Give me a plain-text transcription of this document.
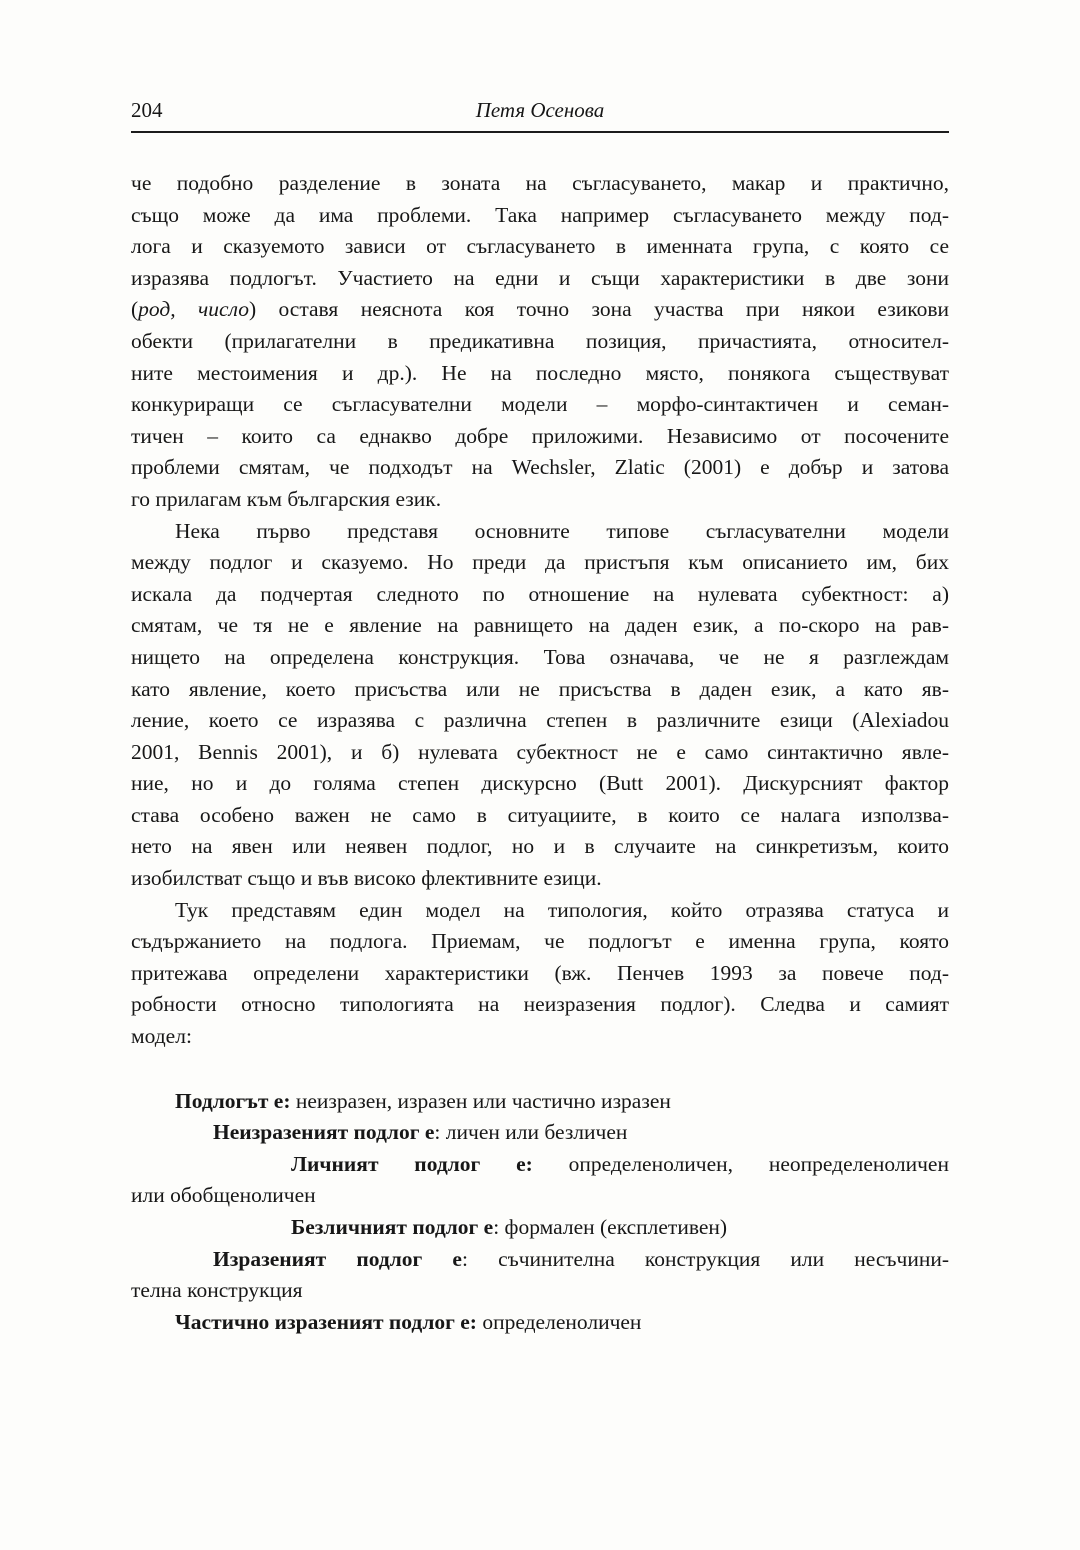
204	Петя Осенова
че подобно разделение в зоната на съгласуването, макар и практично,
също може да има проблеми. Така например съгласуването между под-
лога и сказуемото зависи от съгласуването в именната група, с която се
изразява подлогът. Участието на едни и същи характеристики в две зони
(род, число) оставя неяснота коя точно зона участва при някои езикови
обекти (прилагателни в предикативна позиция, причастията, относител-
ните местоимения и др.). Не на последно място, понякога съществуват
конкуриращи се съгласувателни модели – морфо-синтактичен и семан-
тичен – които са еднакво добре приложими. Независимо от посочените
проблеми смятам, че подходът на Wechsler, Zlatic (2001) е добър и затова
го прилагам към българския език.
Нека първо представя основните типове съгласувателни модели
между подлог и сказуемо. Но преди да пристъпя към описанието им, бих
искала да подчертая следното по отношение на нулевата субектност: а)
смятам, че тя не е явление на равнището на даден език, а по-скоро на рав-
нището на определена конструкция. Това означава, че не я разглеждам
като явление, което присъства или не присъства в даден език, а като яв-
ление, което се изразява с различна степен в различните езици (Alexiadou
2001, Bennis 2001), и б) нулевата субектност не е само синтактично явле-
ние, но и до голяма степен дискурсно (Butt 2001). Дискурсният фактор
става особено важен не само в ситуациите, в които се налага използва-
нето на явен или неявен подлог, но и в случаите на синкретизъм, които
изобилстват също и във високо флективните езици.
Тук представям един модел на типология, който отразява статуса и
съдържанието на подлога. Приемам, че подлогът е именна група, която
притежава определени характеристики (вж. Пенчев 1993 за повече под-
робности относно типологията на неизразения подлог). Следва и самият
модел:
Подлогът е: неизразен, изразен или частично изразен
Неизразеният подлог е: личен или безличен
Личният подлог е: определеноличен, неопределеноличен
или обобщеноличен
Безличният подлог е: формален (експлетивен)
Изразеният подлог е: съчинителна конструкция или несъчини-
телна конструкция
Частично изразеният подлог е: определеноличен
